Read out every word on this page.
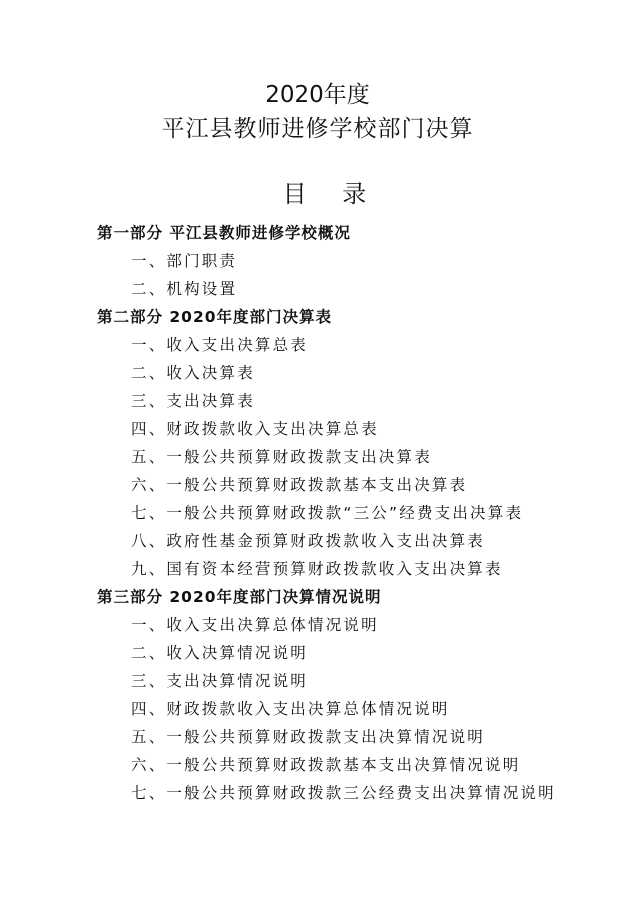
2020年度
平江县教师进修学校部门决算
目 录
第一部分 平江县教师进修学校概况
一、部门职责
二、机构设置
第二部分 2020年度部门决算表
一、收入支出决算总表
二、收入决算表
三、支出决算表
四、财政拨款收入支出决算总表
五、一般公共预算财政拨款支出决算表
六、一般公共预算财政拨款基本支出决算表
七、一般公共预算财政拨款“三公”经费支出决算表
八、政府性基金预算财政拨款收入支出决算表
九、国有资本经营预算财政拨款收入支出决算表
第三部分 2020年度部门决算情况说明
一、收入支出决算总体情况说明
二、收入决算情况说明
三、支出决算情况说明
四、财政拨款收入支出决算总体情况说明
五、一般公共预算财政拨款支出决算情况说明
六、一般公共预算财政拨款基本支出决算情况说明
七、一般公共预算财政拨款三公经费支出决算情况说明
